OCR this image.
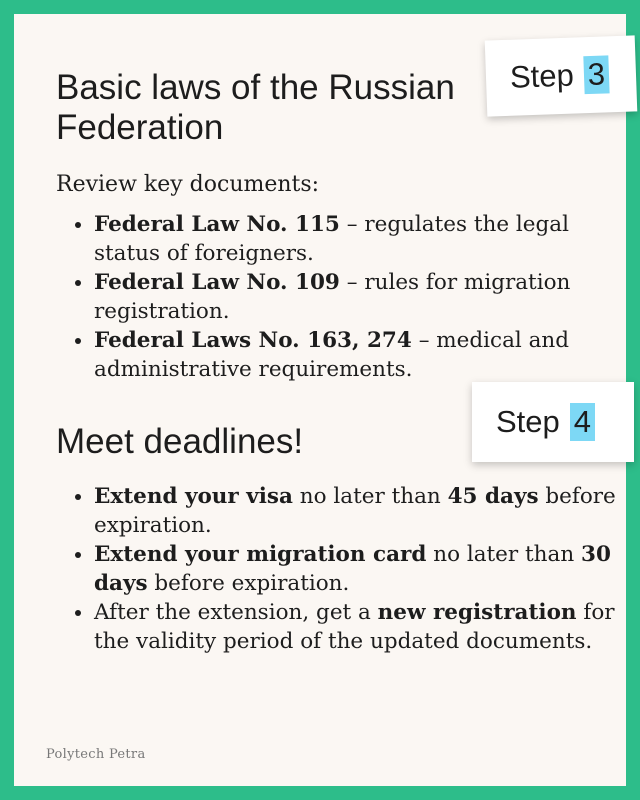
Basic laws of the Russian Federation

Review key documents:

• Federal Law No. 115 – regulates the legal status of foreigners.
• Federal Law No. 109 – rules for migration registration.
• Federal Laws No. 163, 274 – medical and administrative requirements.
Meet deadlines!
• Extend your visa no later than 45 days before expiration.
• Extend your migration card no later than 30 days before expiration.
• After the extension, get a new registration for the validity period of the updated documents.
Polytech Petra
Step 3
Step 4
